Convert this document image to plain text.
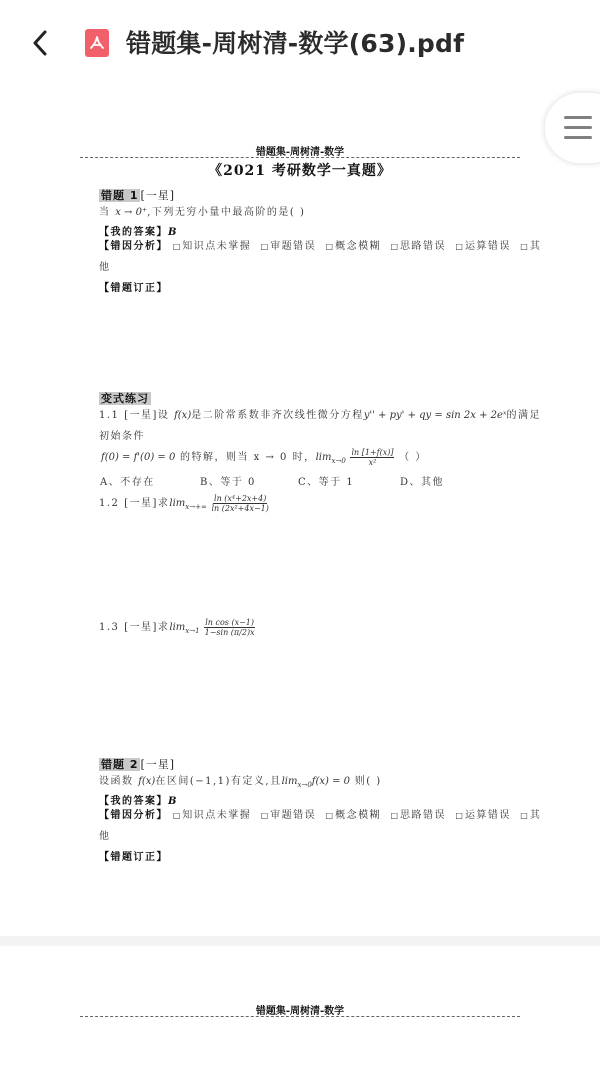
错题集-周树清-数学(63).pdf
错题集-周树清-数学
《2021 考研数学一真题》
错题 1 [一星]
当 x → 0⁺,下列无穷小量中最高阶的是( )
【我的答案】B
【错因分析】 □ 知识点未掌握 □ 审题错误 □ 概念模糊 □ 思路错误 □ 运算错误 □ 其
他
【错题订正】
变式练习
1.1 [一星]设 f(x)是二阶常系数非齐次线性微分方程y'' + py' + qy = sin 2x + 2eˣ的满足
初始条件
f(0) = f'(0) = 0 的特解，则当 x → 0 时，$\lim_{x\to 0} \frac{\ln [1+f(x)]}{\text{x²}}$ （ ）
A、不存在	B、等于 0	C、等于 1	D、其他
1.2 [一星]求$\lim_{x\to+\infty} \frac{\text{ln (x⁴+2x+4)}}{\text{ln (2x²+4x−1)}}$
1.3 [一星]求$\lim_{x\to 1} \frac{\text{ln cos (x−1)}}{1-\sin (\pi/2)x}$
错题 2 [一星]
设函数 f(x)在区间(−1,1)有定义,且$\lim_{x\to 0}f(x) = 0$ 则( )
【我的答案】B
【错因分析】 □ 知识点未掌握 □ 审题错误 □ 概念模糊 □ 思路错误 □ 运算错误 □ 其
他
【错题订正】
错题集-周树清-数学
